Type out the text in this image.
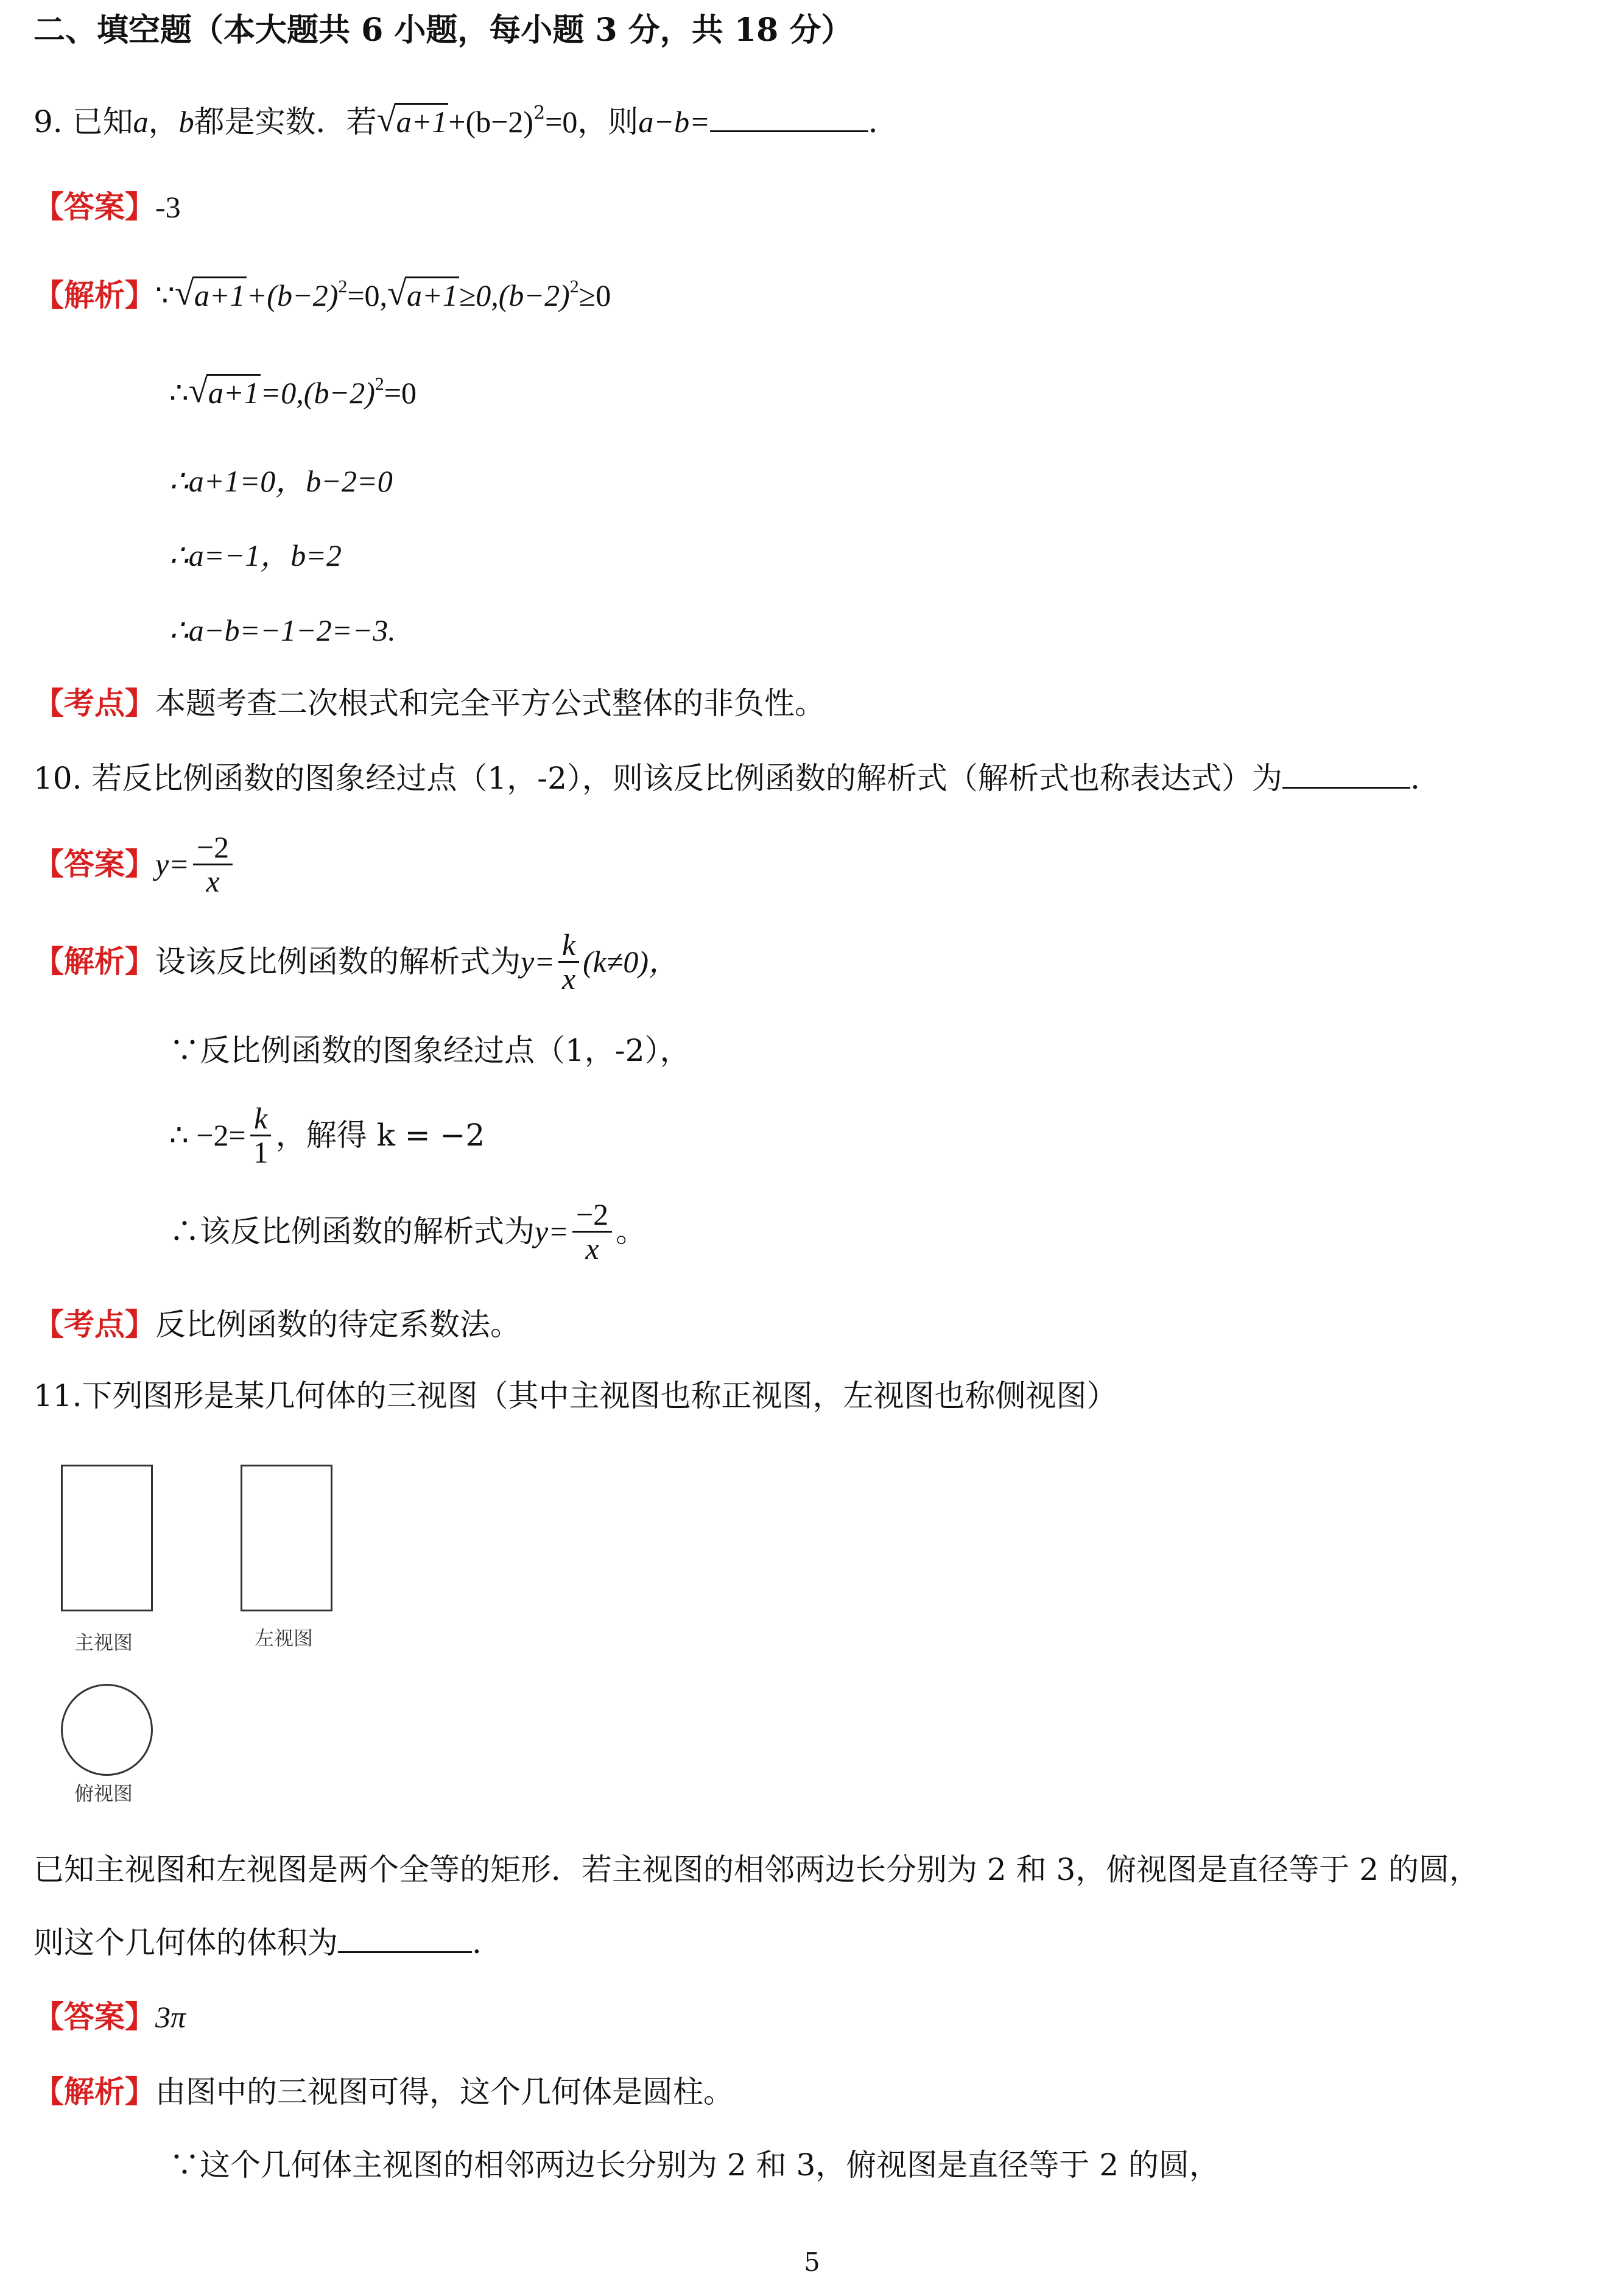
二、填空题（本大题共 6 小题，每小题 3 分，共 18 分）
9. 已知a，b都是实数．若 √ $a+1+(b-2)^2=0$，则a−b=	．
【答案】-3
【解析】∵ √ $a+1+(b-2)^2=0$, √ $a+1\ge 0,(b-2)^2\ge 0$
∴ √ $a+1=0,(b-2)^2=0$
∴a+1=0，b−2=0
∴a=−1，b=2
∴a−b=−1−2=−3.
【考点】本题考查二次根式和完全平方公式整体的非负性。
10. 若反比例函数的图象经过点（1，-2），则该反比例函数的解析式（解析式也称表达式）为	.
【答案】$y= \frac{-2}{x}$
【解析】设该反比例函数的解析式为$y= \frac{k}{x} (k\ne 0)$，
∵反比例函数的图象经过点（1，-2），
∴ $-2= \frac{k}{1}$ ，解得 k = −2
∴该反比例函数的解析式为$y= \frac{-2}{x}$ 。
【考点】反比例函数的待定系数法。
11.下列图形是某几何体的三视图（其中主视图也称正视图，左视图也称侧视图）
主视图	左视图
俯视图
已知主视图和左视图是两个全等的矩形．若主视图的相邻两边长分别为 2 和 3，俯视图是直径等于 2 的圆，
则这个几何体的体积为	.
【答案】3π
【解析】由图中的三视图可得，这个几何体是圆柱。
∵这个几何体主视图的相邻两边长分别为 2 和 3，俯视图是直径等于 2 的圆，
5
